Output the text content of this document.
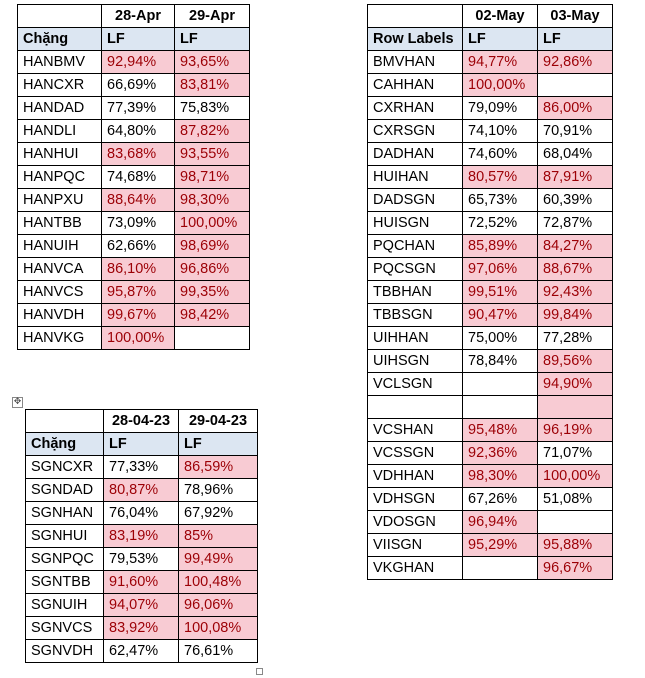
	28-Apr	29-Apr
Chặng	LF	LF
HANBMV	92,94%	93,65%
HANCXR	66,69%	83,81%
HANDAD	77,39%	75,83%
HANDLI	64,80%	87,82%
HANHUI	83,68%	93,55%
HANPQC	74,68%	98,71%
HANPXU	88,64%	98,30%
HANTBB	73,09%	100,00%
HANUIH	62,66%	98,69%
HANVCA	86,10%	96,86%
HANVCS	95,87%	99,35%
HANVDH	99,67%	98,42%
HANVKG	100,00%	
	02-May	03-May
Row Labels	LF	LF
BMVHAN	94,77%	92,86%
CAHHAN	100,00%	
CXRHAN	79,09%	86,00%
CXRSGN	74,10%	70,91%
DADHAN	74,60%	68,04%
HUIHAN	80,57%	87,91%
DADSGN	65,73%	60,39%
HUISGN	72,52%	72,87%
PQCHAN	85,89%	84,27%
PQCSGN	97,06%	88,67%
TBBHAN	99,51%	92,43%
TBBSGN	90,47%	99,84%
UIHHAN	75,00%	77,28%
UIHSGN	78,84%	89,56%
VCLSGN		94,90%

VCSHAN	95,48%	96,19%
VCSSGN	92,36%	71,07%
VDHHAN	98,30%	100,00%
VDHSGN	67,26%	51,08%
VDOSGN	96,94%	
VIISGN	95,29%	95,88%
VKGHAN		96,67%
	28-04-23	29-04-23
Chặng	LF	LF
SGNCXR	77,33%	86,59%
SGNDAD	80,87%	78,96%
SGNHAN	76,04%	67,92%
SGNHUI	83,19%	85%
SGNPQC	79,53%	99,49%
SGNTBB	91,60%	100,48%
SGNUIH	94,07%	96,06%
SGNVCS	83,92%	100,08%
SGNVDH	62,47%	76,61%
✥
